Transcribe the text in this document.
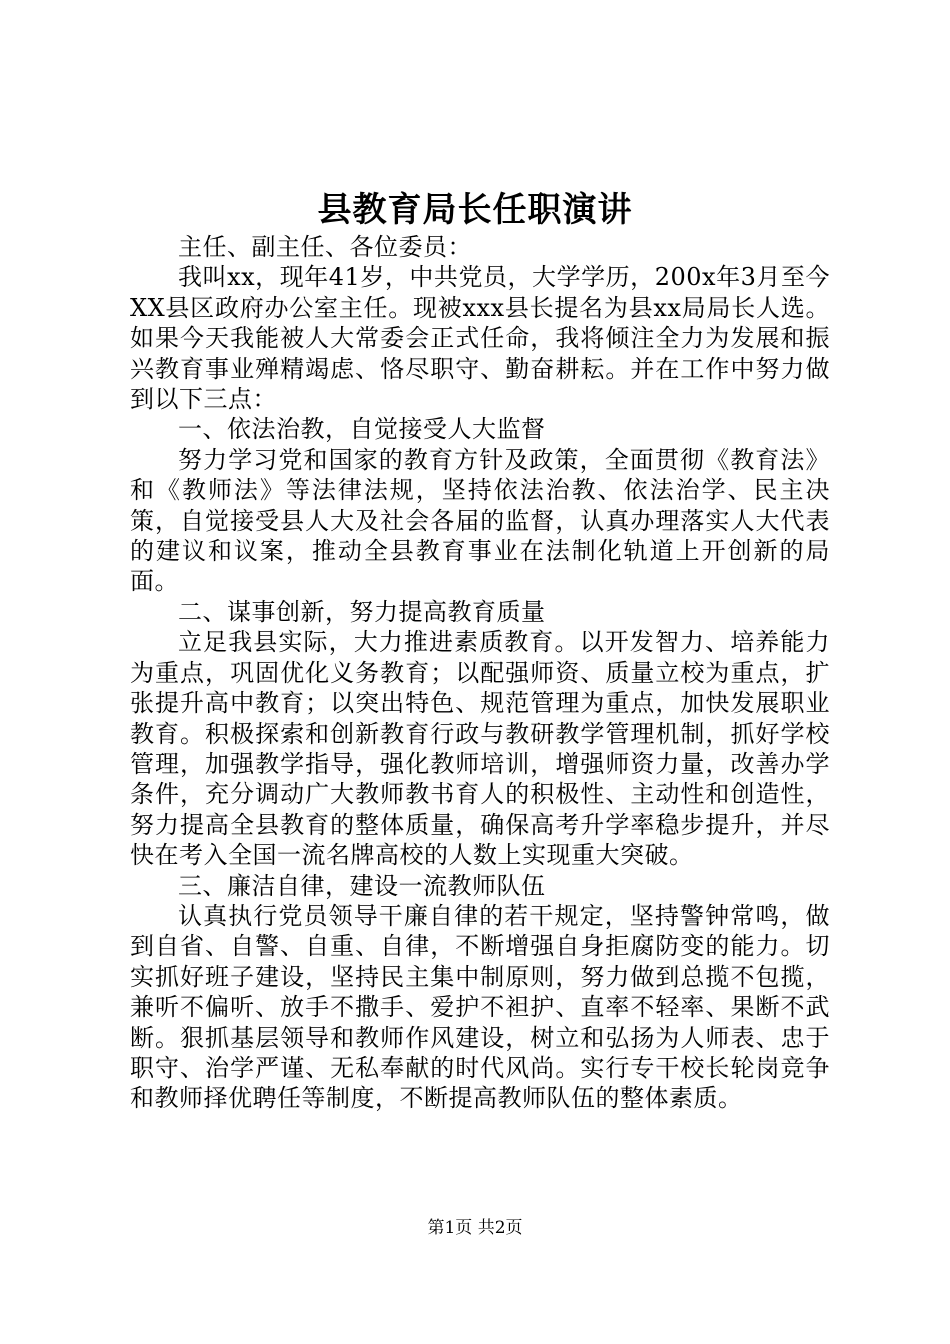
县教育局长任职演讲

主任、副主任、各位委员：

我叫xx，现年41岁，中共党员，大学学历，200x年3月至今XX县区政府办公室主任。现被xxx县长提名为县xx局局长人选。如果今天我能被人大常委会正式任命，我将倾注全力为发展和振兴教育事业殚精竭虑、恪尽职守、勤奋耕耘。并在工作中努力做到以下三点：

一、依法治教，自觉接受人大监督

努力学习党和国家的教育方针及政策，全面贯彻《教育法》和《教师法》等法律法规，坚持依法治教、依法治学、民主决策，自觉接受县人大及社会各届的监督，认真办理落实人大代表的建议和议案，推动全县教育事业在法制化轨道上开创新的局面。

二、谋事创新，努力提高教育质量

立足我县实际，大力推进素质教育。以开发智力、培养能力为重点，巩固优化义务教育；以配强师资、质量立校为重点，扩张提升高中教育；以突出特色、规范管理为重点，加快发展职业教育。积极探索和创新教育行政与教研教学管理机制，抓好学校管理，加强教学指导，强化教师培训，增强师资力量，改善办学条件，充分调动广大教师教书育人的积极性、主动性和创造性，努力提高全县教育的整体质量，确保高考升学率稳步提升，并尽快在考入全国一流名牌高校的人数上实现重大突破。

三、廉洁自律，建设一流教师队伍

认真执行党员领导干廉自律的若干规定，坚持警钟常鸣，做到自省、自警、自重、自律，不断增强自身拒腐防变的能力。切实抓好班子建设，坚持民主集中制原则，努力做到总揽不包揽，兼听不偏听、放手不撒手、爱护不袒护、直率不轻率、果断不武断。狠抓基层领导和教师作风建设，树立和弘扬为人师表、忠于职守、治学严谨、无私奉献的时代风尚。实行专干校长轮岗竞争和教师择优聘任等制度，不断提高教师队伍的整体素质。

第1页 共2页
